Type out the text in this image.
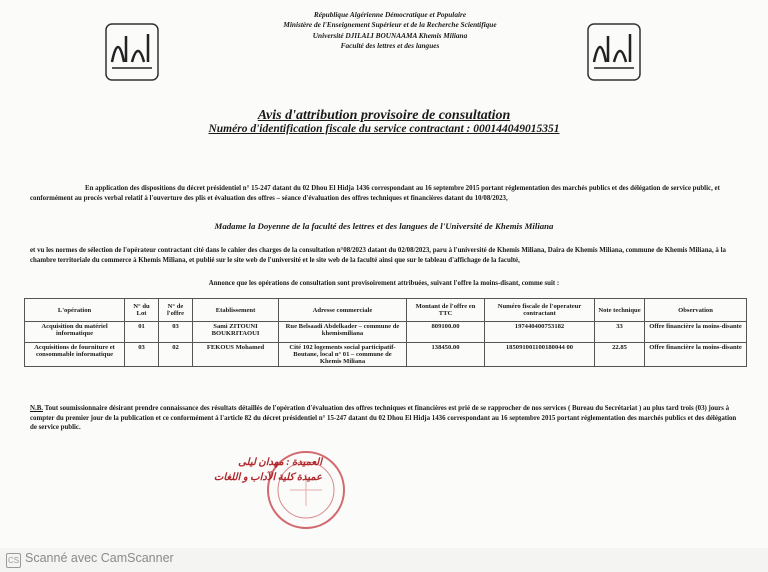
République Algérienne Démocratique et Populaire
Ministère de l'Enseignement Supérieur et de la Recherche Scientifique
Université DJILALI BOUNAAMA Khemis Miliana
Faculté des lettres et des langues
Avis d'attribution provisoire de consultation
Numéro d'identification fiscale du service contractant : 000144049015351
En application des dispositions du décret présidentiel n° 15-247 datant du 02 Dhou El Hidja 1436 correspondant au 16 septembre 2015 portant réglementation des marchés publics et des délégation de service public, et conformément au procès verbal relatif à l'ouverture des plis et évaluation des offres – séance d'évaluation des offres techniques et financières datant du 10/08/2023,
Madame la Doyenne de la faculté des lettres et des langues de l'Université de Khemis Miliana
et vu les normes de sélection de l'opérateur contractant cité dans le cahier des charges de la consultation n°08/2023 datant du 02/08/2023, paru à l'université de Khemis Miliana, Daira de Khemis Miliana, commune de Khemis Miliana, à la chambre territoriale du commerce à Khemis Miliana, et publié sur le site web de l'université et le site web de la faculté ainsi que sur le tableau d'affichage de la faculté,
Annonce que les opérations de consultation sont provisoirement attribuées, suivant l'offre la moins-disant, comme suit :
L'opération	N° du Lot	N° de l'offre	Etablissement	Adresse commerciale	Montant de l'offre en TTC	Numéro fiscale de l'operateur contractant	Note technique	Observation
Acquisition du matériel informatique	01	03	Sami ZITOUNI BOUKRITAOUI	Rue Belsaadi Abdelkader – commune de khemismiliana	809100.00	197440400753182	33	Offre financière la moins-disante
Acquisitions de fourniture et consommable informatique	03	02	FEKOUS Mohamed	Cité 102 logements social participatif-Boutane, local n° 01 – commune de Khemis Miliana	138450.00	185091001100180044 00	22.85	Offre financière la moins-disante
N.B. Tout soumissionnaire désirant prendre connaissance des résultats détaillés de l'opération d'évaluation des offres techniques et financières est prié de se rapprocher de nos services ( Bureau du Secrétariat ) au plus tard trois (03) jours à compter du premier jour de la publication et ce conformément à l'article 82 du décret présidentiel n° 15-247 datant du 02 Dhou El Hidja 1436 correspondant au 16 septembre 2015 portant réglementation des marchés publics et des délégation de service public.
العميدة : مهدان ليلى
عميدة كلية الآداب و اللغات
CS Scanné avec CamScanner
